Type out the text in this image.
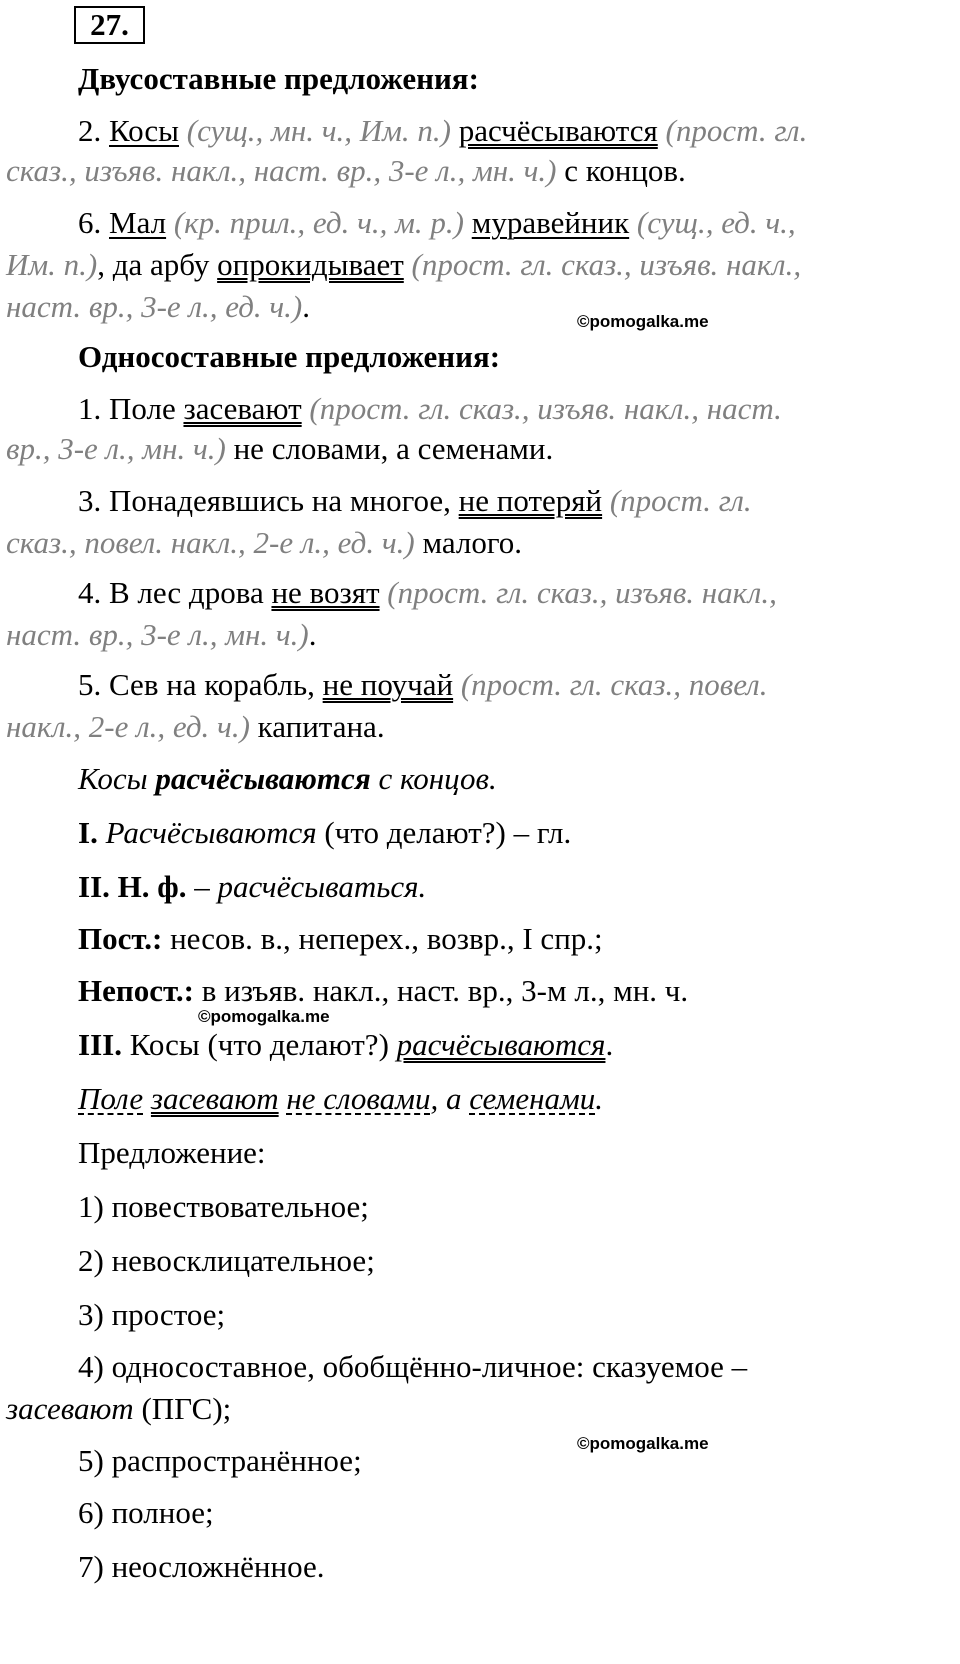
27.
©pomogalka.me
©pomogalka.me
©pomogalka.me
Двусоставные предложения:
2. Косы (сущ., мн. ч., Им. п.) расчёсываются (прост. гл.
сказ., изъяв. накл., наст. вр., 3-е л., мн. ч.) с концов.
6. Мал (кр. прил., ед. ч., м. р.) муравейник (сущ., ед. ч.,
Им. п.), да арбу опрокидывает (прост. гл. сказ., изъяв. накл.,
наст. вр., 3-е л., ед. ч.).
Односоставные предложения:
1. Поле засевают (прост. гл. сказ., изъяв. накл., наст.
вр., 3-е л., мн. ч.) не словами, а семенами.
3. Понадеявшись на многое, не потеряй (прост. гл.
сказ., повел. накл., 2-е л., ед. ч.) малого.
4. В лес дрова не возят (прост. гл. сказ., изъяв. накл.,
наст. вр., 3-е л., мн. ч.).
5. Сев на корабль, не поучай (прост. гл. сказ., повел.
накл., 2-е л., ед. ч.) капитана.
Косы расчёсываются с концов.
I. Расчёсываются (что делают?) – гл.
II. Н. ф. – расчёсываться.
Пост.: несов. в., неперех., возвр., I спр.;
Непост.: в изъяв. накл., наст. вр., 3-м л., мн. ч.
III. Косы (что делают?) расчёсываются.
Поле засевают не словами, а семенами.
Предложение:
1) повествовательное;
2) невосклицательное;
3) простое;
4) односоставное, обобщённо-личное: сказуемое –
засевают (ПГС);
5) распространённое;
6) полное;
7) неосложнённое.
